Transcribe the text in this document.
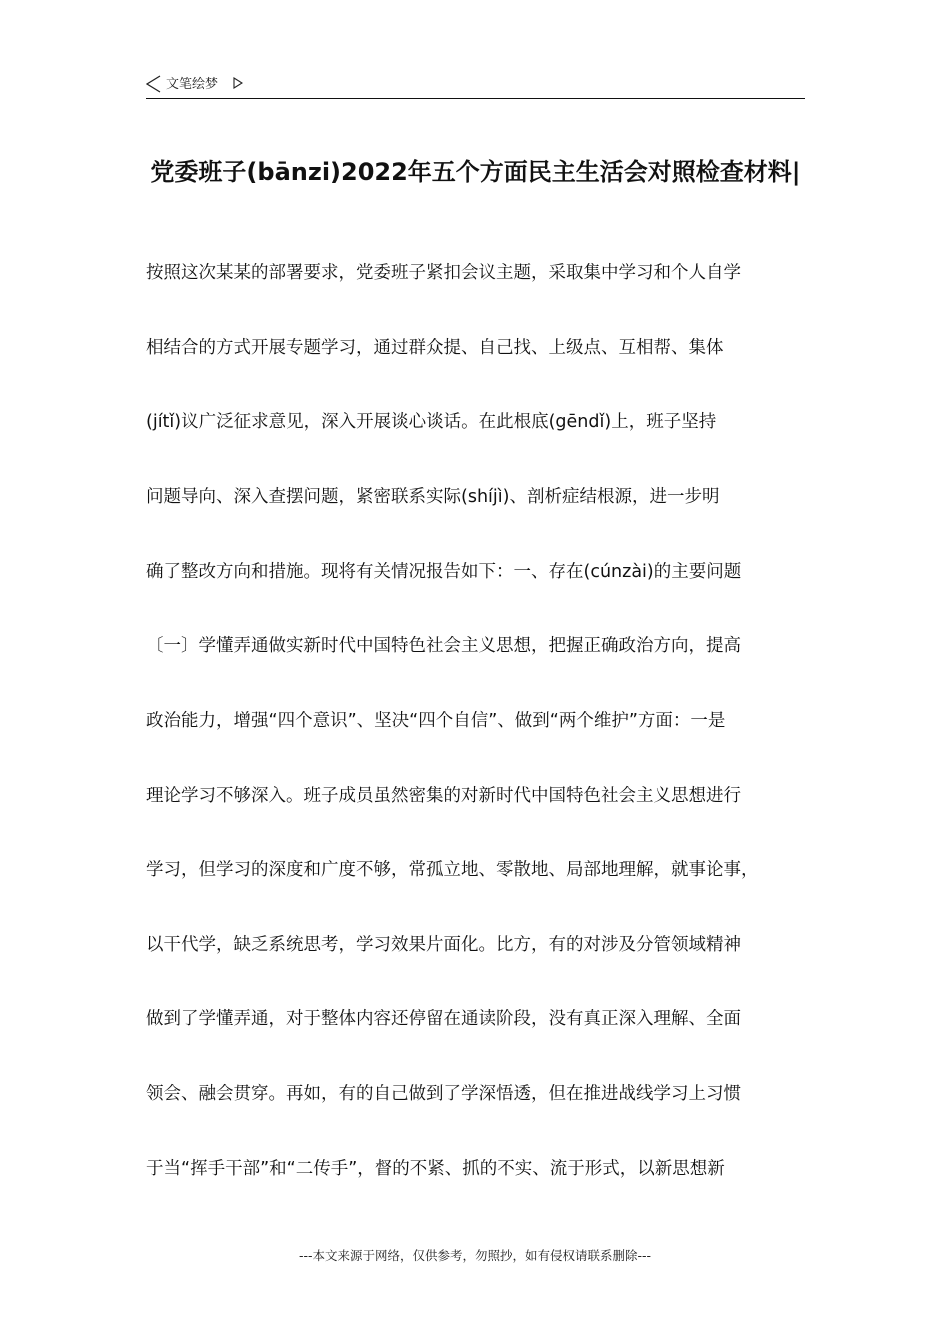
文笔绘梦
党委班子(bānzi)2022年五个方面民主生活会对照检查材料|
按照这次某某的部署要求，党委班子紧扣会议主题，采取集中学习和个人自学
相结合的方式开展专题学习，通过群众提、自己找、上级点、互相帮、集体
(jítǐ)议广泛征求意见，深入开展谈心谈话。在此根底(gēndǐ)上，班子坚持
问题导向、深入查摆问题，紧密联系实际(shíjì)、剖析症结根源，进一步明
确了整改方向和措施。现将有关情况报告如下：一、存在(cúnzài)的主要问题
〔一〕学懂弄通做实新时代中国特色社会主义思想，把握正确政治方向，提高
政治能力，增强“四个意识”、坚决“四个自信”、做到“两个维护”方面：一是
理论学习不够深入。班子成员虽然密集的对新时代中国特色社会主义思想进行
学习，但学习的深度和广度不够，常孤立地、零散地、局部地理解，就事论事，
以干代学，缺乏系统思考，学习效果片面化。比方，有的对涉及分管领域精神
做到了学懂弄通，对于整体内容还停留在通读阶段，没有真正深入理解、全面
领会、融会贯穿。再如，有的自己做到了学深悟透，但在推进战线学习上习惯
于当“挥手干部”和“二传手”，督的不紧、抓的不实、流于形式，以新思想新
---本文来源于网络，仅供参考，勿照抄，如有侵权请联系删除---
